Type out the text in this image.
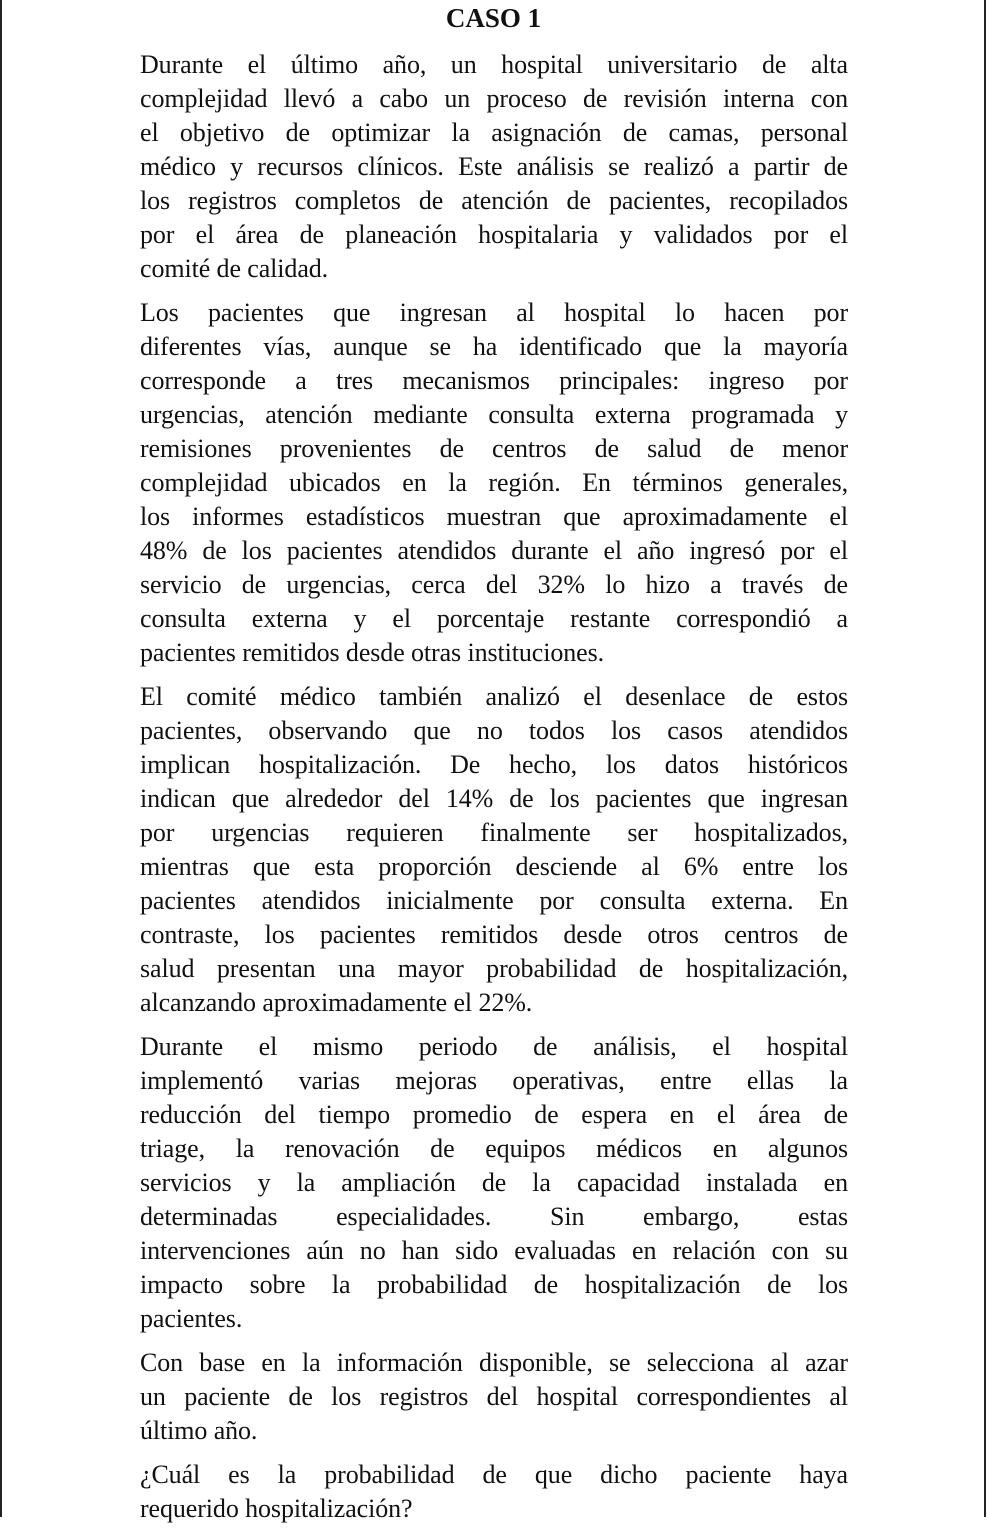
CASO 1

Durante el último año, un hospital universitario de alta
complejidad llevó a cabo un proceso de revisión interna con
el objetivo de optimizar la asignación de camas, personal
médico y recursos clínicos. Este análisis se realizó a partir de
los registros completos de atención de pacientes, recopilados
por el área de planeación hospitalaria y validados por el
comité de calidad.

Los pacientes que ingresan al hospital lo hacen por
diferentes vías, aunque se ha identificado que la mayoría
corresponde a tres mecanismos principales: ingreso por
urgencias, atención mediante consulta externa programada y
remisiones provenientes de centros de salud de menor
complejidad ubicados en la región. En términos generales,
los informes estadísticos muestran que aproximadamente el
48% de los pacientes atendidos durante el año ingresó por el
servicio de urgencias, cerca del 32% lo hizo a través de
consulta externa y el porcentaje restante correspondió a
pacientes remitidos desde otras instituciones.

El comité médico también analizó el desenlace de estos
pacientes, observando que no todos los casos atendidos
implican hospitalización. De hecho, los datos históricos
indican que alrededor del 14% de los pacientes que ingresan
por urgencias requieren finalmente ser hospitalizados,
mientras que esta proporción desciende al 6% entre los
pacientes atendidos inicialmente por consulta externa. En
contraste, los pacientes remitidos desde otros centros de
salud presentan una mayor probabilidad de hospitalización,
alcanzando aproximadamente el 22%.

Durante el mismo periodo de análisis, el hospital
implementó varias mejoras operativas, entre ellas la
reducción del tiempo promedio de espera en el área de
triage, la renovación de equipos médicos en algunos
servicios y la ampliación de la capacidad instalada en
determinadas especialidades. Sin embargo, estas
intervenciones aún no han sido evaluadas en relación con su
impacto sobre la probabilidad de hospitalización de los
pacientes.

Con base en la información disponible, se selecciona al azar
un paciente de los registros del hospital correspondientes al
último año.

¿Cuál es la probabilidad de que dicho paciente haya
requerido hospitalización?
